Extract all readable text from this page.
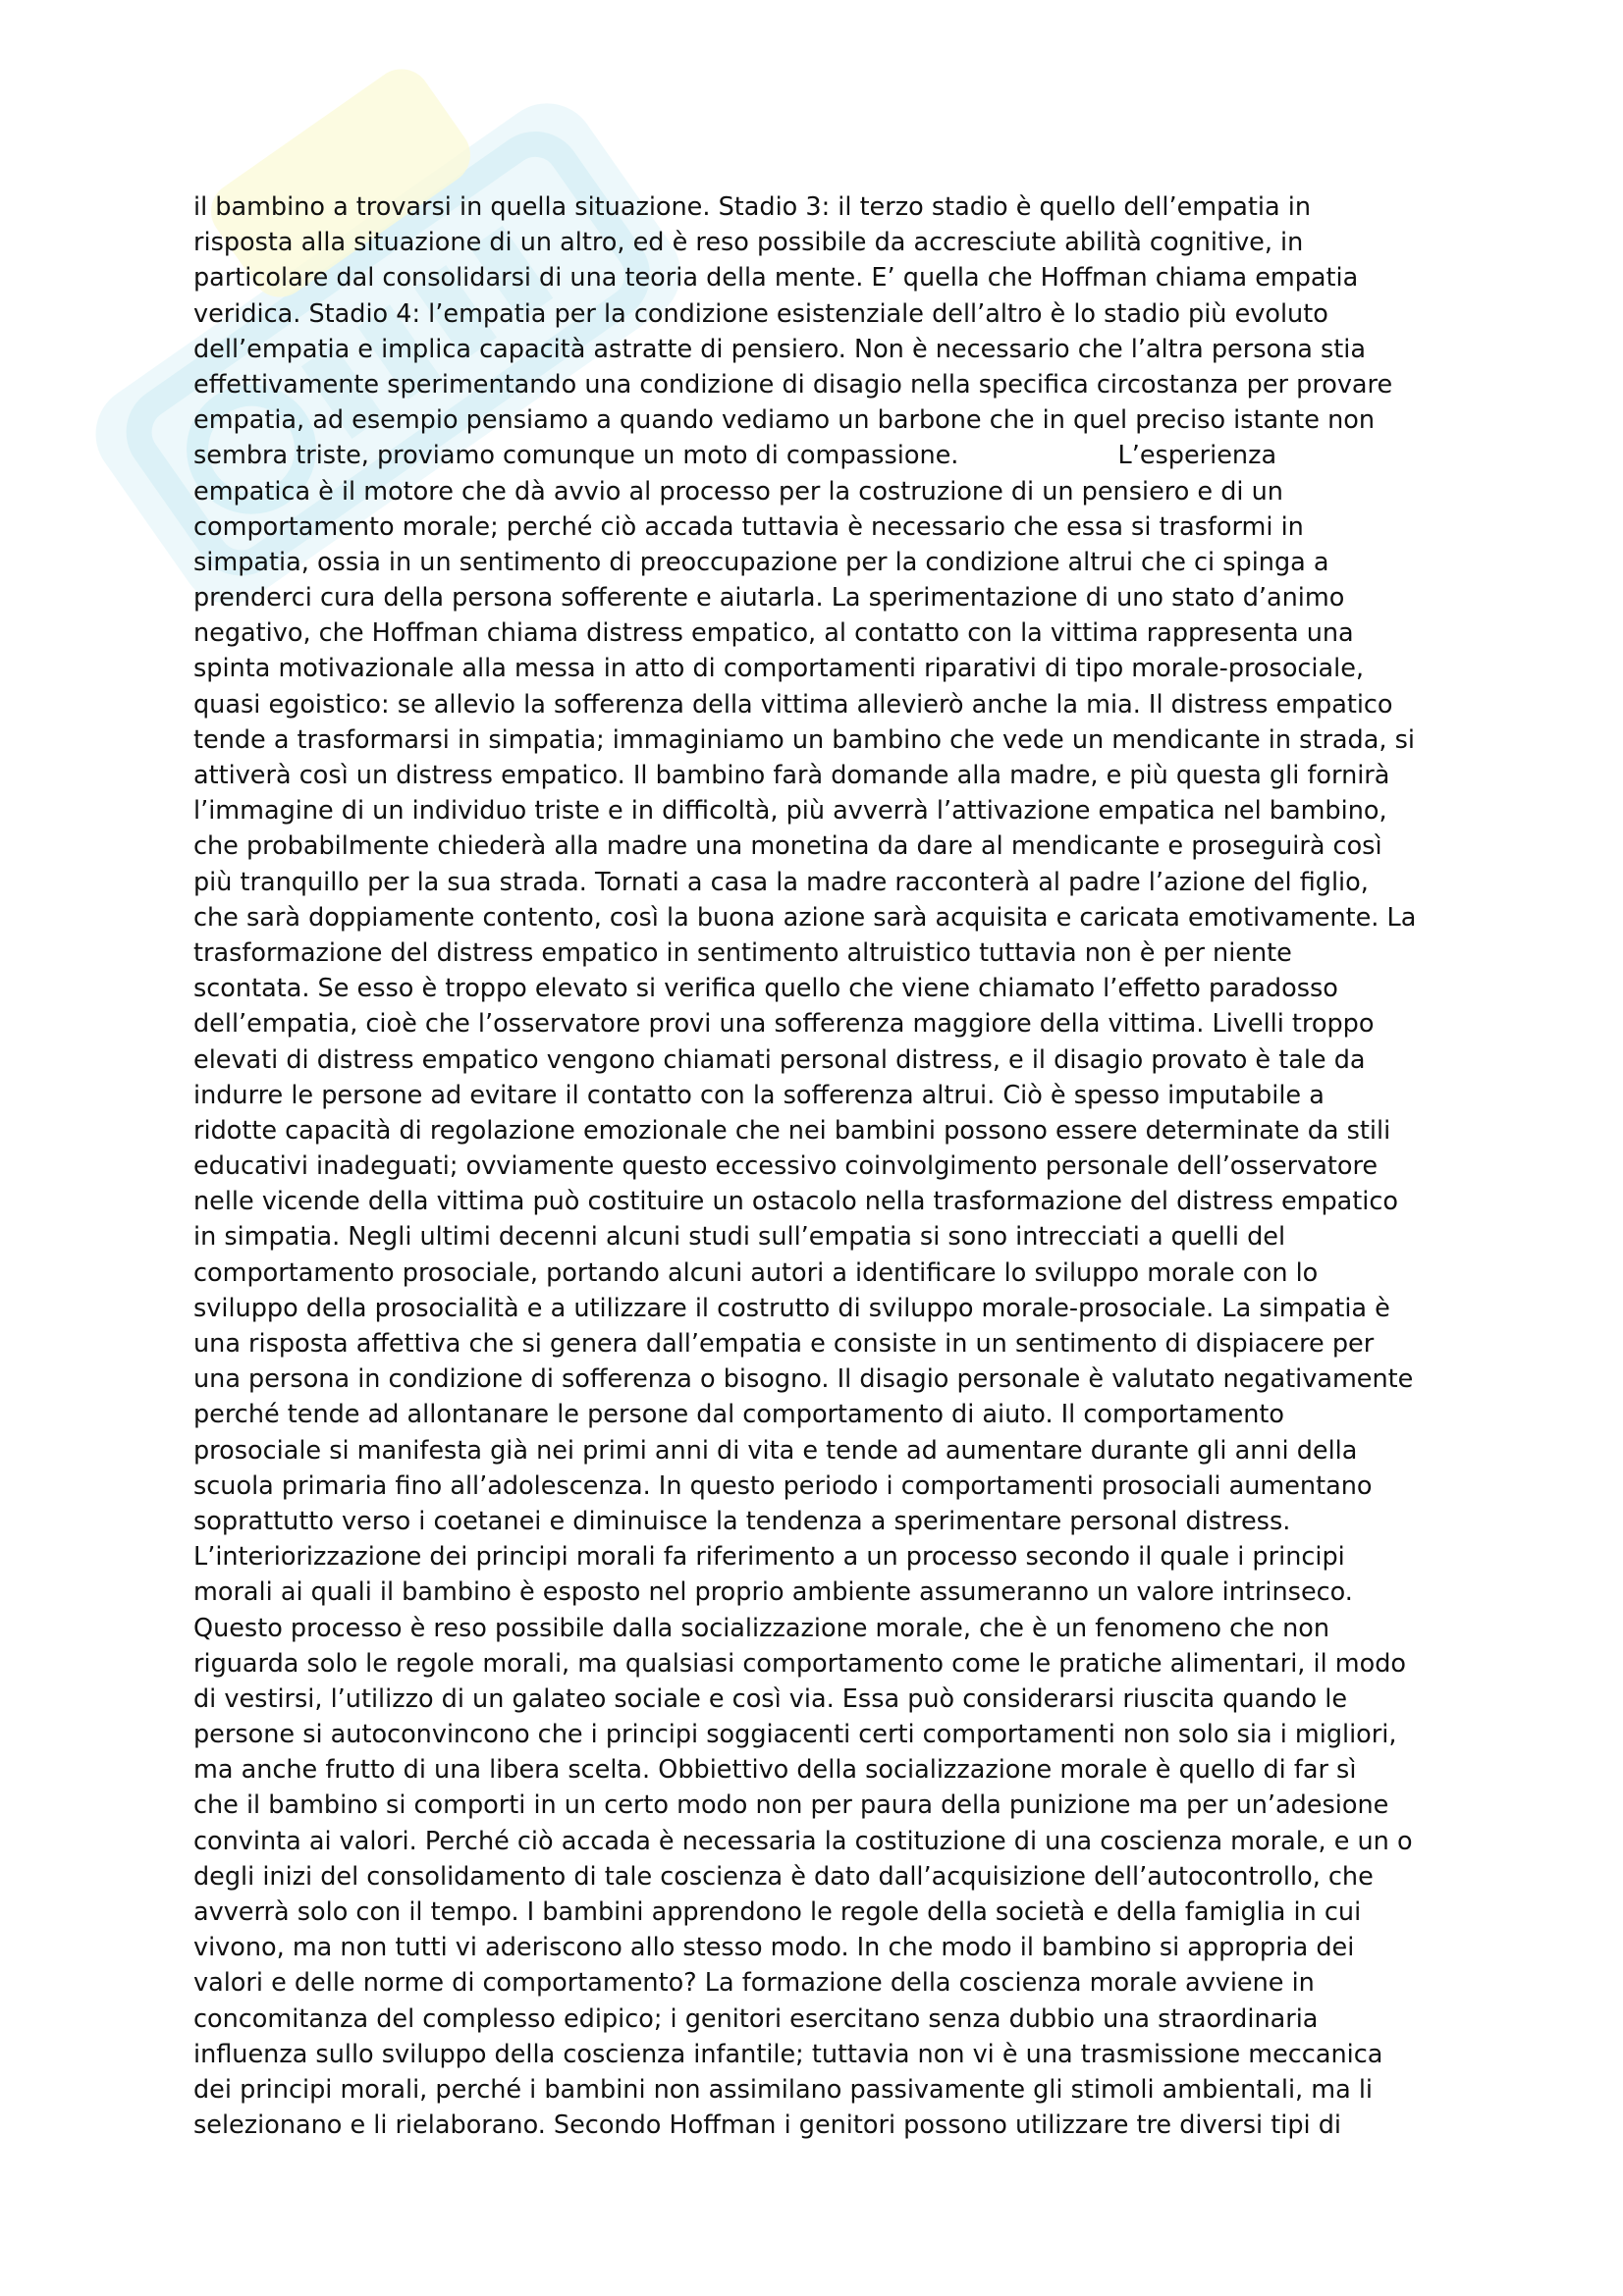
il bambino a trovarsi in quella situazione. Stadio 3: il terzo stadio è quello dell’empatia in
risposta alla situazione di un altro, ed è reso possibile da accresciute abilità cognitive, in
particolare dal consolidarsi di una teoria della mente. E’ quella che Hoffman chiama empatia
veridica. Stadio 4: l’empatia per la condizione esistenziale dell’altro è lo stadio più evoluto
dell’empatia e implica capacità astratte di pensiero. Non è necessario che l’altra persona stia
effettivamente sperimentando una condizione di disagio nella specifica circostanza per provare
empatia, ad esempio pensiamo a quando vediamo un barbone che in quel preciso istante non
sembra triste, proviamo comunque un moto di compassione.                    L’esperienza
empatica è il motore che dà avvio al processo per la costruzione di un pensiero e di un
comportamento morale; perché ciò accada tuttavia è necessario che essa si trasformi in
simpatia, ossia in un sentimento di preoccupazione per la condizione altrui che ci spinga a
prenderci cura della persona sofferente e aiutarla. La sperimentazione di uno stato d’animo
negativo, che Hoffman chiama distress empatico, al contatto con la vittima rappresenta una
spinta motivazionale alla messa in atto di comportamenti riparativi di tipo morale-prosociale,
quasi egoistico: se allevio la sofferenza della vittima allevierò anche la mia. Il distress empatico
tende a trasformarsi in simpatia; immaginiamo un bambino che vede un mendicante in strada, si
attiverà così un distress empatico. Il bambino farà domande alla madre, e più questa gli fornirà
l’immagine di un individuo triste e in difficoltà, più avverrà l’attivazione empatica nel bambino,
che probabilmente chiederà alla madre una monetina da dare al mendicante e proseguirà così
più tranquillo per la sua strada. Tornati a casa la madre racconterà al padre l’azione del figlio,
che sarà doppiamente contento, così la buona azione sarà acquisita e caricata emotivamente. La
trasformazione del distress empatico in sentimento altruistico tuttavia non è per niente
scontata. Se esso è troppo elevato si verifica quello che viene chiamato l’effetto paradosso
dell’empatia, cioè che l’osservatore provi una sofferenza maggiore della vittima. Livelli troppo
elevati di distress empatico vengono chiamati personal distress, e il disagio provato è tale da
indurre le persone ad evitare il contatto con la sofferenza altrui. Ciò è spesso imputabile a
ridotte capacità di regolazione emozionale che nei bambini possono essere determinate da stili
educativi inadeguati; ovviamente questo eccessivo coinvolgimento personale dell’osservatore
nelle vicende della vittima può costituire un ostacolo nella trasformazione del distress empatico
in simpatia. Negli ultimi decenni alcuni studi sull’empatia si sono intrecciati a quelli del
comportamento prosociale, portando alcuni autori a identificare lo sviluppo morale con lo
sviluppo della prosocialità e a utilizzare il costrutto di sviluppo morale-prosociale. La simpatia è
una risposta affettiva che si genera dall’empatia e consiste in un sentimento di dispiacere per
una persona in condizione di sofferenza o bisogno. Il disagio personale è valutato negativamente
perché tende ad allontanare le persone dal comportamento di aiuto. Il comportamento
prosociale si manifesta già nei primi anni di vita e tende ad aumentare durante gli anni della
scuola primaria fino all’adolescenza. In questo periodo i comportamenti prosociali aumentano
soprattutto verso i coetanei e diminuisce la tendenza a sperimentare personal distress.
L’interiorizzazione dei principi morali fa riferimento a un processo secondo il quale i principi
morali ai quali il bambino è esposto nel proprio ambiente assumeranno un valore intrinseco.
Questo processo è reso possibile dalla socializzazione morale, che è un fenomeno che non
riguarda solo le regole morali, ma qualsiasi comportamento come le pratiche alimentari, il modo
di vestirsi, l’utilizzo di un galateo sociale e così via. Essa può considerarsi riuscita quando le
persone si autoconvincono che i principi soggiacenti certi comportamenti non solo sia i migliori,
ma anche frutto di una libera scelta. Obbiettivo della socializzazione morale è quello di far sì
che il bambino si comporti in un certo modo non per paura della punizione ma per un’adesione
convinta ai valori. Perché ciò accada è necessaria la costituzione di una coscienza morale, e un o
degli inizi del consolidamento di tale coscienza è dato dall’acquisizione dell’autocontrollo, che
avverrà solo con il tempo. I bambini apprendono le regole della società e della famiglia in cui
vivono, ma non tutti vi aderiscono allo stesso modo. In che modo il bambino si appropria dei
valori e delle norme di comportamento? La formazione della coscienza morale avviene in
concomitanza del complesso edipico; i genitori esercitano senza dubbio una straordinaria
influenza sullo sviluppo della coscienza infantile; tuttavia non vi è una trasmissione meccanica
dei principi morali, perché i bambini non assimilano passivamente gli stimoli ambientali, ma li
selezionano e li rielaborano. Secondo Hoffman i genitori possono utilizzare tre diversi tipi di
